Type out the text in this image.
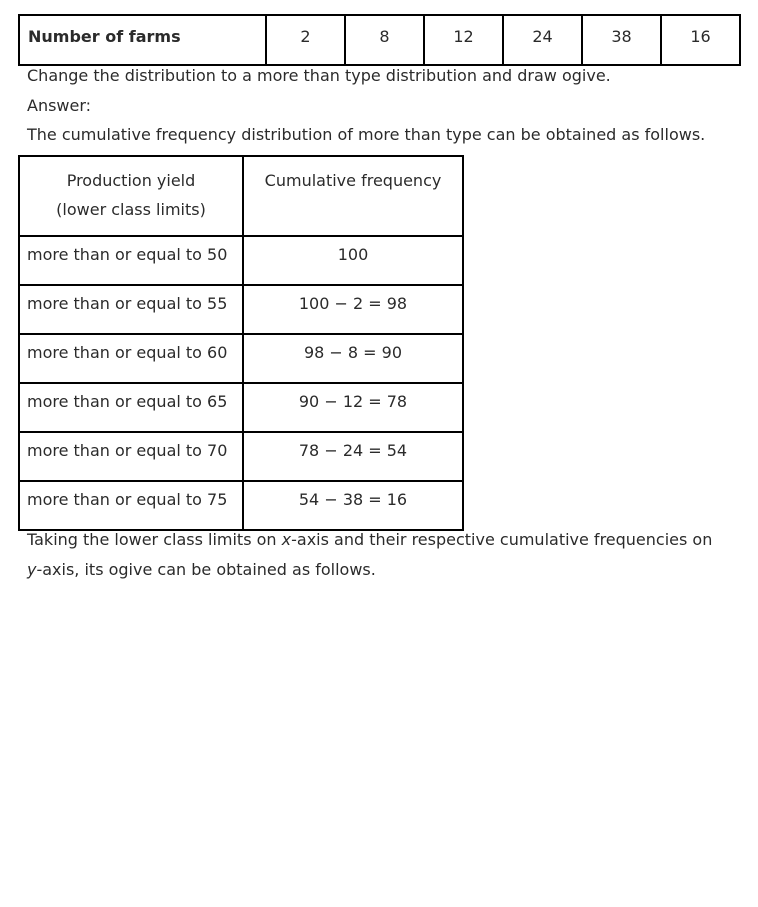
Number of farms	2	8	12	24	38	16
Change the distribution to a more than type distribution and draw ogive.
Answer:
The cumulative frequency distribution of more than type can be obtained as follows.
Production yield
(lower class limits)	Cumulative frequency

more than or equal to 50	100

more than or equal to 55	100 − 2 = 98

more than or equal to 60	98 − 8 = 90

more than or equal to 65	90 − 12 = 78

more than or equal to 70	78 − 24 = 54

more than or equal to 75	54 − 38 = 16
Taking the lower class limits on x-axis and their respective cumulative frequencies on
y-axis, its ogive can be obtained as follows.
